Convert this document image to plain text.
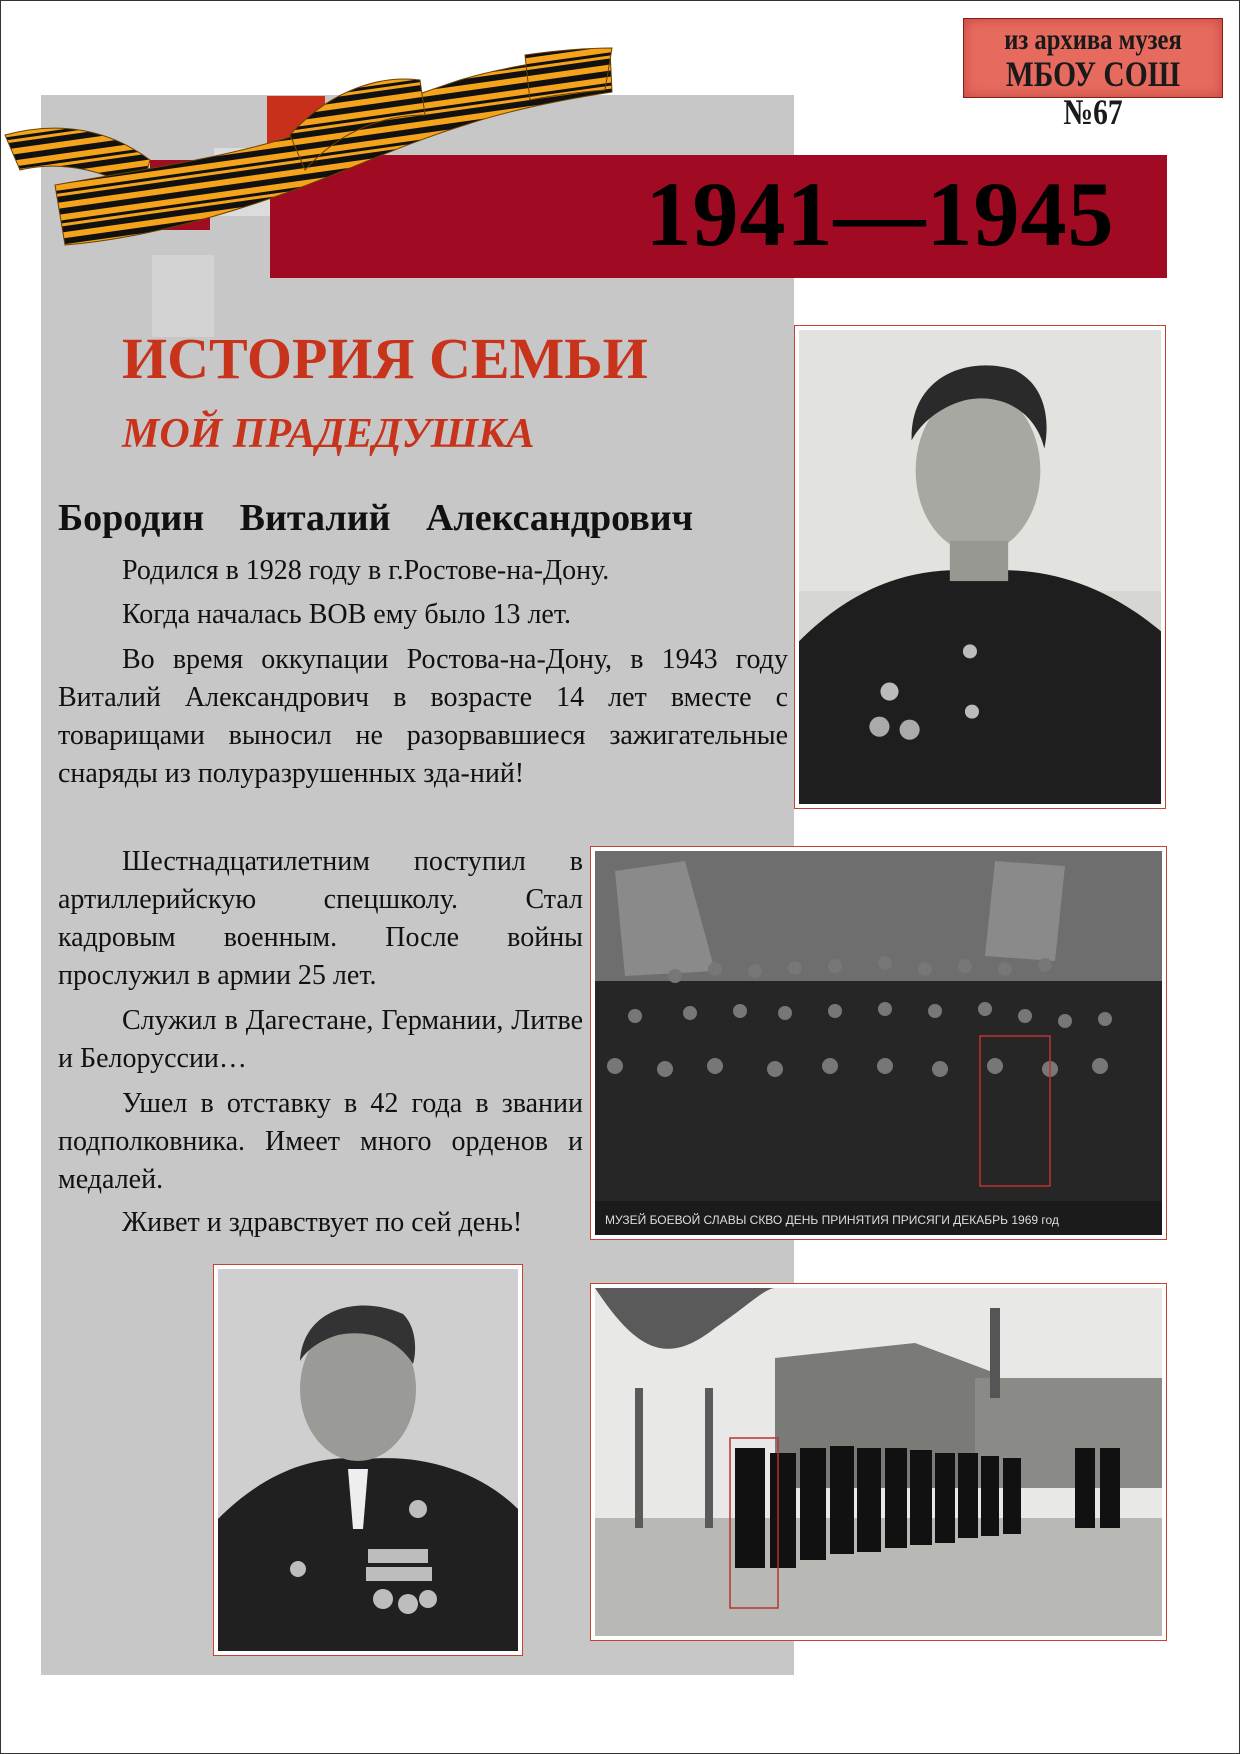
1941—1945
из архива музея
МБОУ СОШ №67
ИСТОРИЯ СЕМЬИ
МОЙ ПРАДЕДУШКА
Бородин Виталий Александрович

Родился в 1928 году в г.Ростове-на-Дону.

Когда началась ВОВ ему было 13 лет.

Во время оккупации Ростова-на-Дону, в 1943 году Виталий Александрович в возрасте 14 лет вместе с товарищами выносил не разорвавшиеся зажигательные снаряды из полуразрушенных зда-ний!

Шестнадцатилетним поступил в артиллерийскую спецшколу. Стал кадровым военным. После войны прослужил в армии 25 лет.

Служил в Дагестане, Германии, Литве и Белоруссии…

Ушел в отставку в 42 года в звании подполковника. Имеет много орденов и медалей.

Живет и здравствует по сей день!	МУЗЕЙ БОЕВОЙ СЛАВЫ СКВО ДЕНЬ ПРИНЯТИЯ ПРИСЯГИ ДЕКАБРЬ 1969 год
